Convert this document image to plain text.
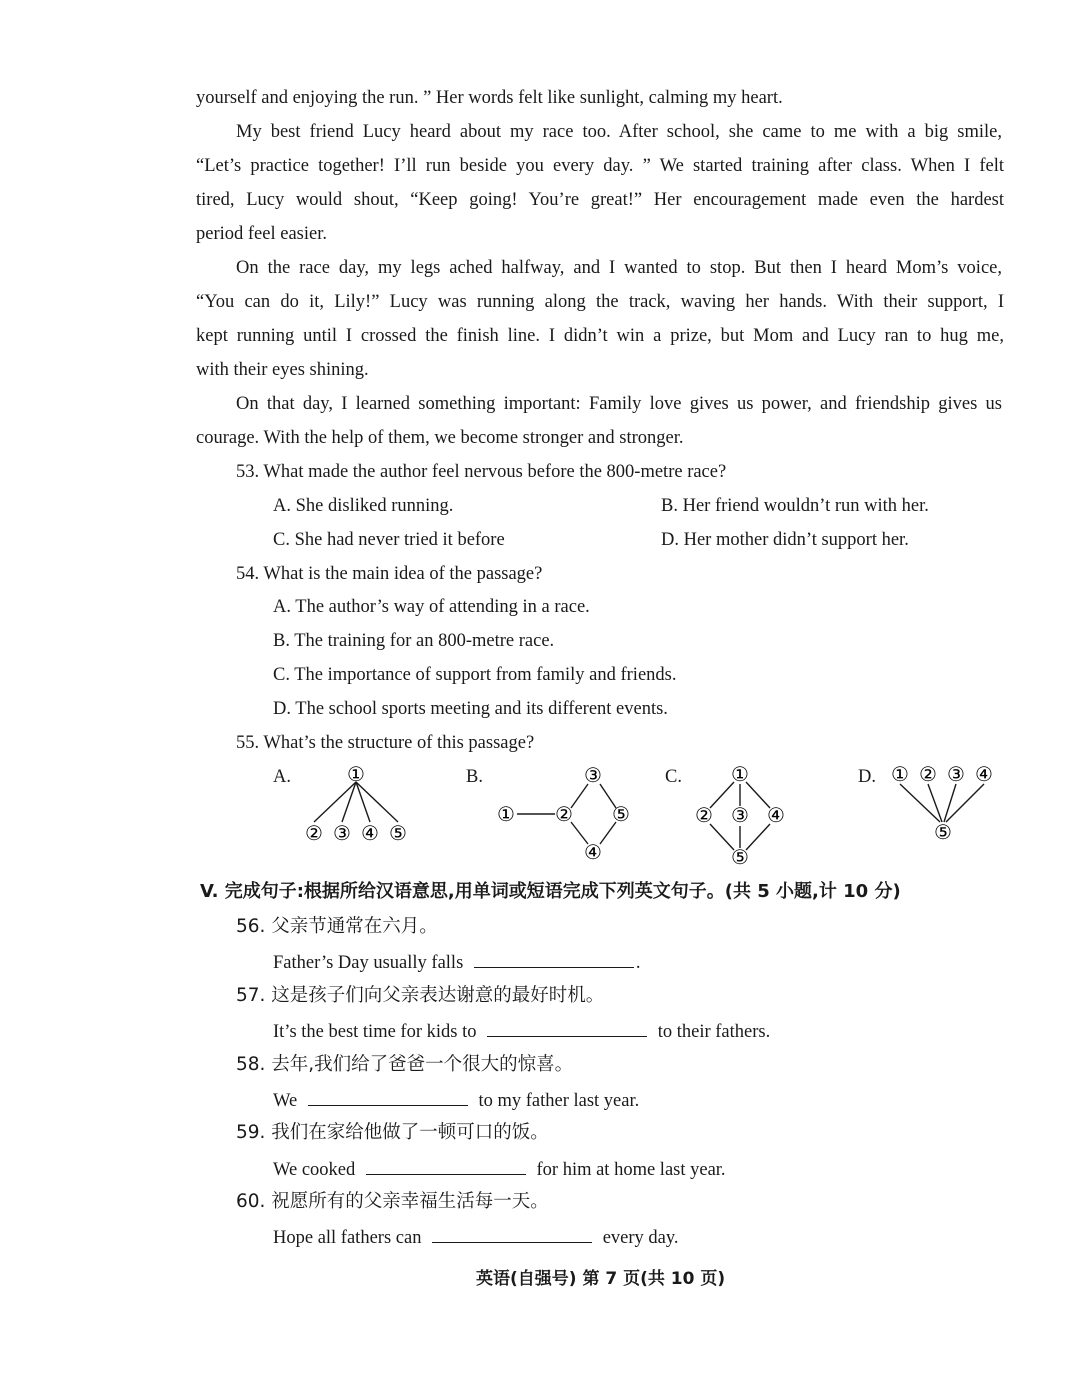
yourself and enjoying the run. ” Her words felt like sunlight, calming my heart.
My best friend Lucy heard about my race too. After school, she came to me with a big smile,
“Let’s practice together! I’ll run beside you every day. ” We started training after class. When I felt
tired, Lucy would shout, “Keep going! You’re great!” Her encouragement made even the hardest
period feel easier.
On the race day, my legs ached halfway, and I wanted to stop. But then I heard Mom’s voice,
“You can do it, Lily!” Lucy was running along the track, waving her hands. With their support, I
kept running until I crossed the finish line. I didn’t win a prize, but Mom and Lucy ran to hug me,
with their eyes shining.
On that day, I learned something important: Family love gives us power, and friendship gives us
courage. With the help of them, we become stronger and stronger.
53. What made the author feel nervous before the 800-metre race?
A. She disliked running.	B. Her friend wouldn’t run with her.
C. She had never tried it before	D. Her mother didn’t support her.
54. What is the main idea of the passage?
A. The author’s way of attending in a race.
B. The training for an 800-metre race.
C. The importance of support from family and friends.
D. The school sports meeting and its different events.
55. What’s the structure of this passage?
A.	B.	C.	D.
①
② ③ ④ ⑤
① ②
③
⑤
④
①
② ③ ④
⑤
① ② ③ ④
⑤
V. 完成句子:根据所给汉语意思,用单词或短语完成下列英文句子。(共 5 小题,计 10 分)
56. 父亲节通常在六月。
Father’s Day usually falls	.
57. 这是孩子们向父亲表达谢意的最好时机。
It’s the best time for kids to	to their fathers.
58. 去年,我们给了爸爸一个很大的惊喜。
We	to my father last year.
59. 我们在家给他做了一顿可口的饭。
We cooked	for him at home last year.
60. 祝愿所有的父亲幸福生活每一天。
Hope all fathers can	every day.
英语(自强号) 第 7 页(共 10 页)
